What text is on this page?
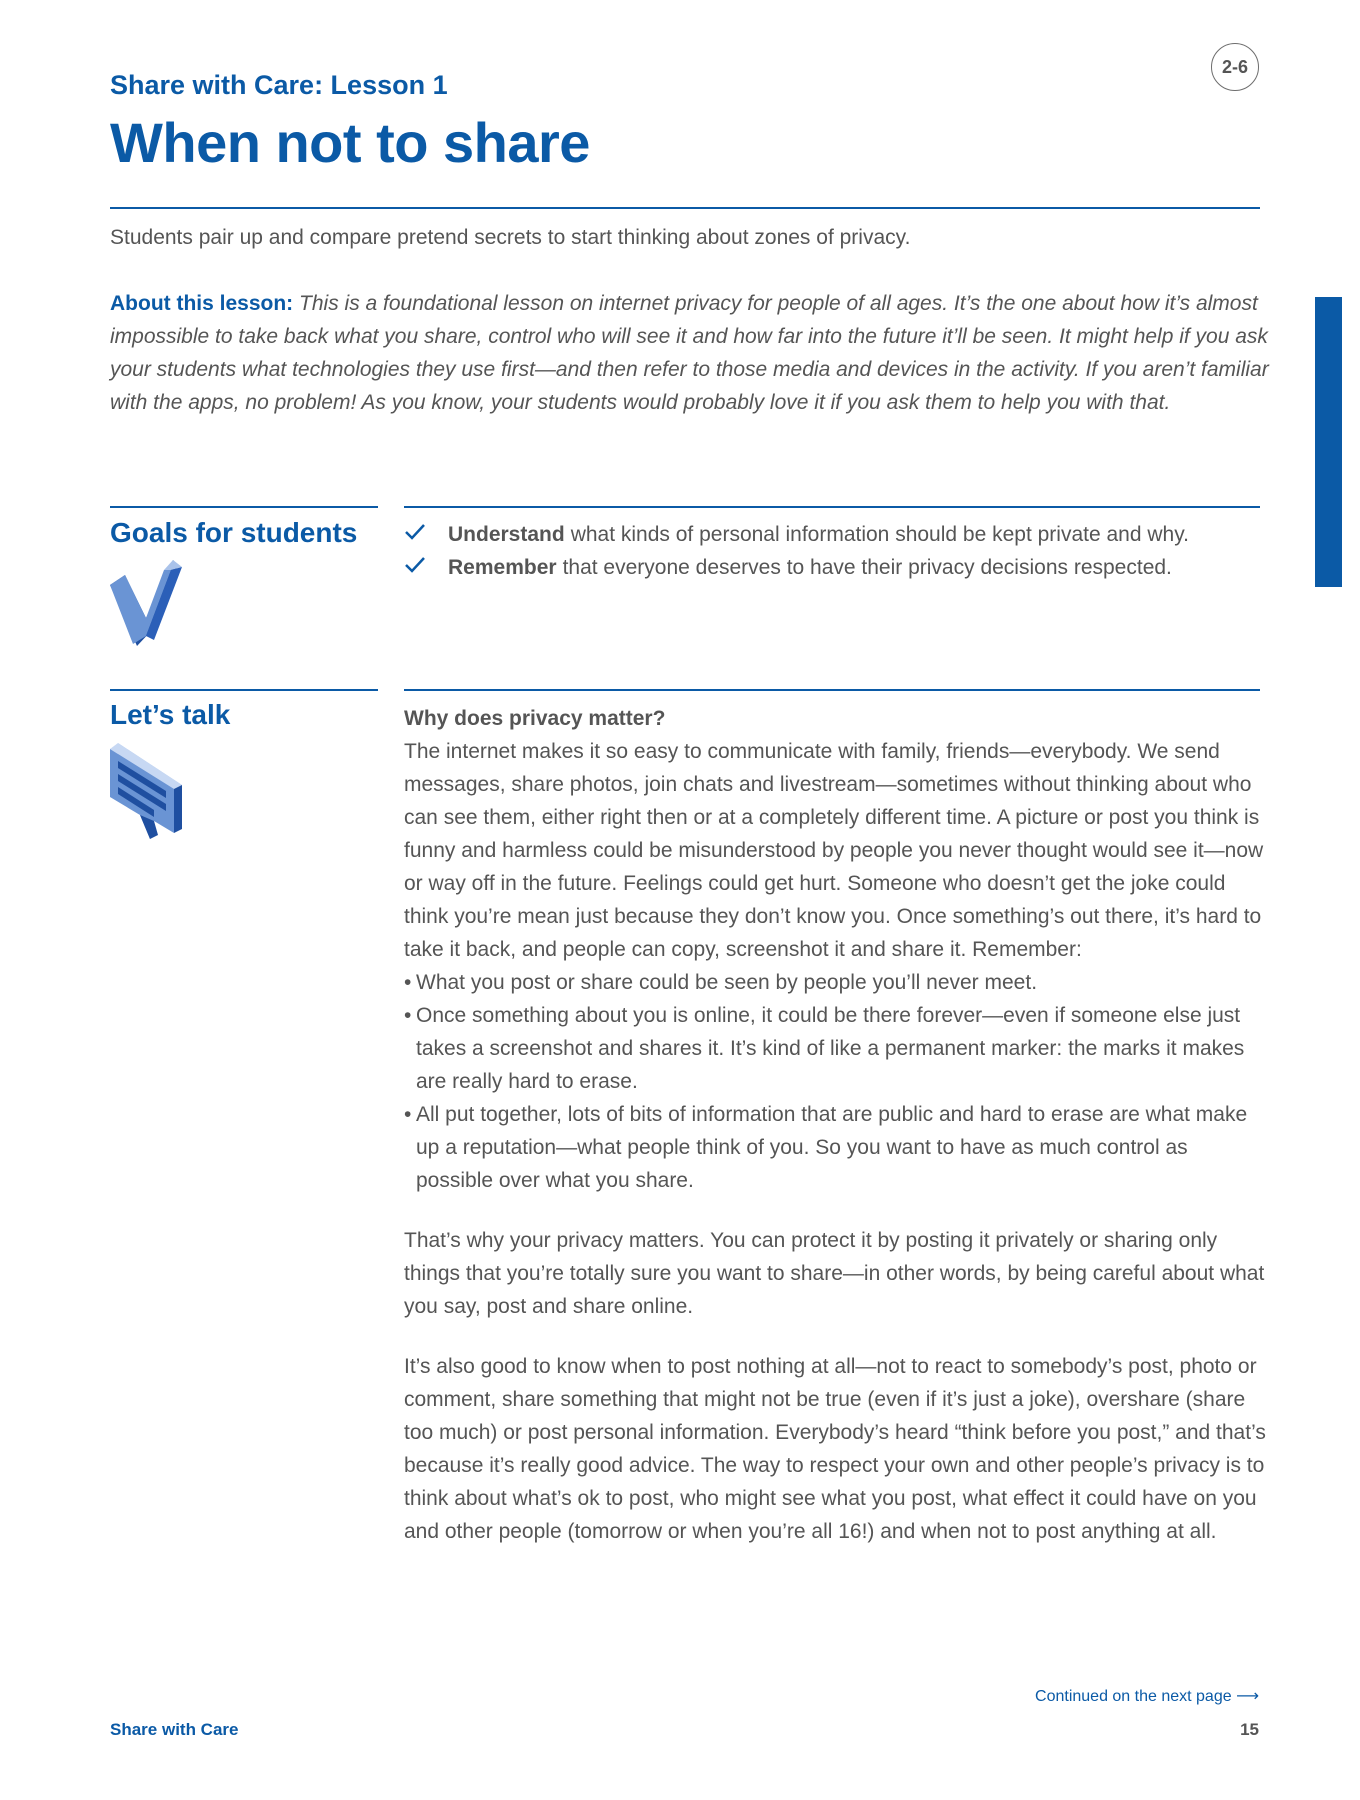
Share with Care: Lesson 1
When not to share
2-6

Students pair up and compare pretend secrets to start thinking about zones of privacy.

About this lesson: This is a foundational lesson on internet privacy for people of all ages. It’s the one about how it’s almost impossible to take back what you share, control who will see it and how far into the future it’ll be seen. It might help if you ask your students what technologies they use first—and then refer to those media and devices in the activity. If you aren’t familiar with the apps, no problem! As you know, your students would probably love it if you ask them to help you with that.

Goals for students	Understand what kinds of personal information should be kept private and why.
Remember that everyone deserves to have their privacy decisions respected.
Let’s talk	Why does privacy matter?

The internet makes it so easy to communicate with family, friends—everybody. We send messages, share photos, join chats and livestream—sometimes without thinking about who can see them, either right then or at a completely different time. A picture or post you think is funny and harmless could be misunderstood by people you never thought would see it—now or way off in the future. Feelings could get hurt. Someone who doesn’t get the joke could think you’re mean just because they don’t know you. Once something’s out there, it’s hard to take it back, and people can copy, screenshot it and share it. Remember:

• What you post or share could be seen by people you’ll never meet.

• Once something about you is online, it could be there forever—even if someone else just takes a screenshot and shares it. It’s kind of like a permanent marker: the marks it makes are really hard to erase.

• All put together, lots of bits of information that are public and hard to erase are what make up a reputation—what people think of you. So you want to have as much control as possible over what you share.

That’s why your privacy matters. You can protect it by posting it privately or sharing only things that you’re totally sure you want to share—in other words, by being careful about what you say, post and share online.

It’s also good to know when to post nothing at all—not to react to somebody’s post, photo or comment, share something that might not be true (even if it’s just a joke), overshare (share too much) or post personal information. Everybody’s heard “think before you post,” and that’s because it’s really good advice. The way to respect your own and other people’s privacy is to think about what’s ok to post, who might see what you post, what effect it could have on you and other people (tomorrow or when you’re all 16!) and when not to post anything at all.

Continued on the next page ⟶
Share with Care	15
